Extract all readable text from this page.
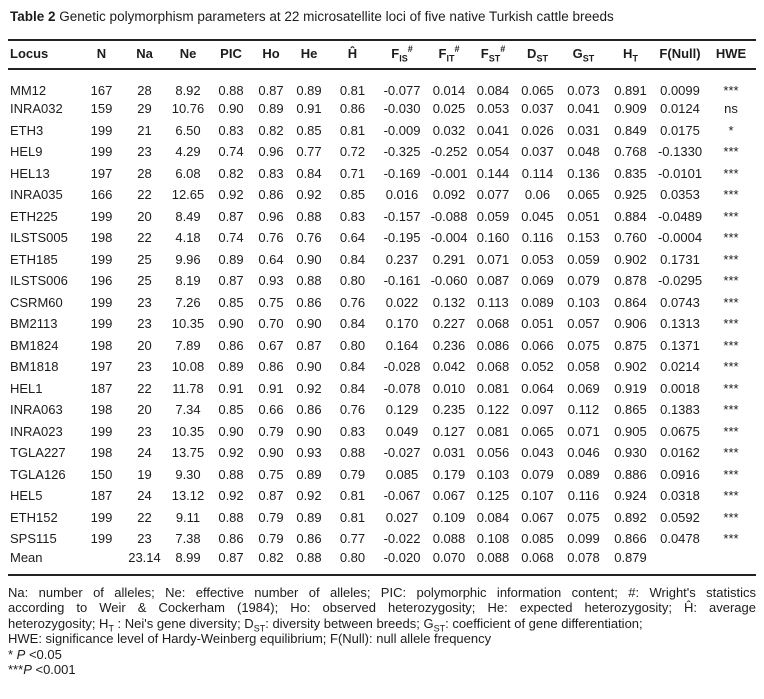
Table 2 Genetic polymorphism parameters at 22 microsatellite loci of five native Turkish cattle breeds
Locus	N	Na	Ne	PIC	Ho	He	Ĥ	$F_{IS}^{\#}$	$F_{IT}^{\#}$	$F_{ST}^{\#}$	$D_{ST}$	$G_{ST}$	$H_T$	F(Null)	HWE
MM12	167	28	8.92	0.88	0.87	0.89	0.81	-0.077	0.014	0.084	0.065	0.073	0.891	0.0099	***
INRA032	159	29	10.76	0.90	0.89	0.91	0.86	-0.030	0.025	0.053	0.037	0.041	0.909	0.0124	ns
ETH3	199	21	6.50	0.83	0.82	0.85	0.81	-0.009	0.032	0.041	0.026	0.031	0.849	0.0175	*
HEL9	199	23	4.29	0.74	0.96	0.77	0.72	-0.325	-0.252	0.054	0.037	0.048	0.768	-0.1330	***
HEL13	197	28	6.08	0.82	0.83	0.84	0.71	-0.169	-0.001	0.144	0.114	0.136	0.835	-0.0101	***
INRA035	166	22	12.65	0.92	0.86	0.92	0.85	0.016	0.092	0.077	0.06	0.065	0.925	0.0353	***
ETH225	199	20	8.49	0.87	0.96	0.88	0.83	-0.157	-0.088	0.059	0.045	0.051	0.884	-0.0489	***
ILSTS005	198	22	4.18	0.74	0.76	0.76	0.64	-0.195	-0.004	0.160	0.116	0.153	0.760	-0.0004	***
ETH185	199	25	9.96	0.89	0.64	0.90	0.84	0.237	0.291	0.071	0.053	0.059	0.902	0.1731	***
ILSTS006	196	25	8.19	0.87	0.93	0.88	0.80	-0.161	-0.060	0.087	0.069	0.079	0.878	-0.0295	***
CSRM60	199	23	7.26	0.85	0.75	0.86	0.76	0.022	0.132	0.113	0.089	0.103	0.864	0.0743	***
BM2113	199	23	10.35	0.90	0.70	0.90	0.84	0.170	0.227	0.068	0.051	0.057	0.906	0.1313	***
BM1824	198	20	7.89	0.86	0.67	0.87	0.80	0.164	0.236	0.086	0.066	0.075	0.875	0.1371	***
BM1818	197	23	10.08	0.89	0.86	0.90	0.84	-0.028	0.042	0.068	0.052	0.058	0.902	0.0214	***
HEL1	187	22	11.78	0.91	0.91	0.92	0.84	-0.078	0.010	0.081	0.064	0.069	0.919	0.0018	***
INRA063	198	20	7.34	0.85	0.66	0.86	0.76	0.129	0.235	0.122	0.097	0.112	0.865	0.1383	***
INRA023	199	23	10.35	0.90	0.79	0.90	0.83	0.049	0.127	0.081	0.065	0.071	0.905	0.0675	***
TGLA227	198	24	13.75	0.92	0.90	0.93	0.88	-0.027	0.031	0.056	0.043	0.046	0.930	0.0162	***
TGLA126	150	19	9.30	0.88	0.75	0.89	0.79	0.085	0.179	0.103	0.079	0.089	0.886	0.0916	***
HEL5	187	24	13.12	0.92	0.87	0.92	0.81	-0.067	0.067	0.125	0.107	0.116	0.924	0.0318	***
ETH152	199	22	9.11	0.88	0.79	0.89	0.81	0.027	0.109	0.084	0.067	0.075	0.892	0.0592	***
SPS115	199	23	7.38	0.86	0.79	0.86	0.77	-0.022	0.088	0.108	0.085	0.099	0.866	0.0478	***
Mean		23.14	8.99	0.87	0.82	0.88	0.80	-0.020	0.070	0.088	0.068	0.078	0.879		
Na: number of alleles; Ne: effective number of alleles; PIC: polymorphic information content; #: Wright's statistics
according to Weir & Cockerham (1984); Ho: observed heterozygosity; He: expected heterozygosity; Ĥ: average
heterozygosity; $H_T$ : Nei's gene diversity; $D_{ST}$: diversity between breeds; $G_{ST}$: coefficient of gene differentiation;
HWE: significance level of Hardy-Weinberg equilibrium; F(Null): null allele frequency
* P <0.05
***P <0.001
